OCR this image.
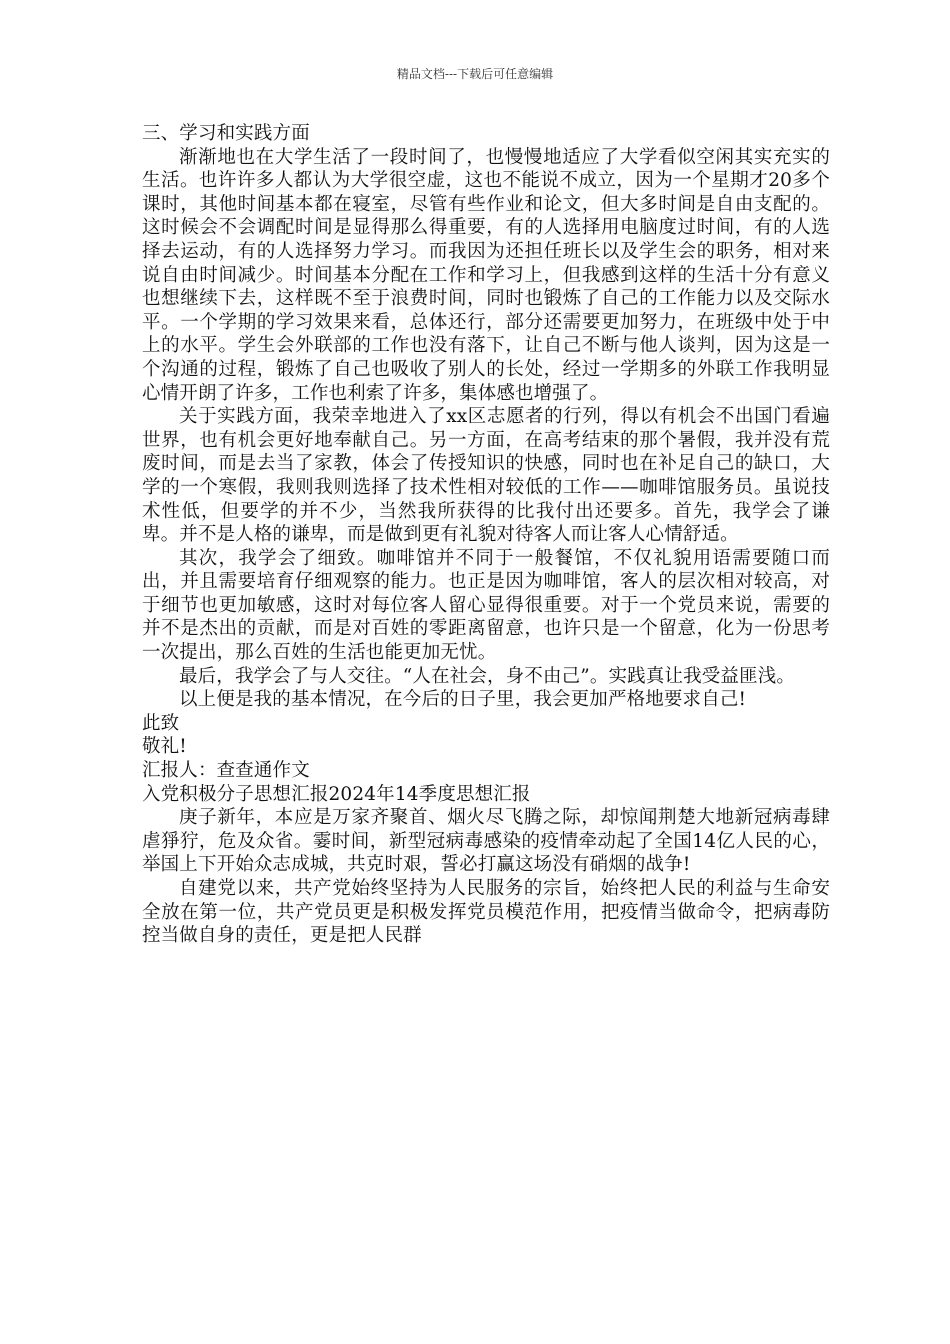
精品文档---下载后可任意编辑

三、学习和实践方面

渐渐地也在大学生活了一段时间了，也慢慢地适应了大学看似空闲其实充实的生活。也许许多人都认为大学很空虚，这也不能说不成立，因为一个星期才20多个课时，其他时间基本都在寝室，尽管有些作业和论文，但大多时间是自由支配的。这时候会不会调配时间是显得那么得重要，有的人选择用电脑度过时间，有的人选择去运动，有的人选择努力学习。而我因为还担任班长以及学生会的职务，相对来说自由时间减少。时间基本分配在工作和学习上，但我感到这样的生活十分有意义也想继续下去，这样既不至于浪费时间，同时也锻炼了自己的工作能力以及交际水平。一个学期的学习效果来看，总体还行，部分还需要更加努力，在班级中处于中上的水平。学生会外联部的工作也没有落下，让自己不断与他人谈判，因为这是一个沟通的过程，锻炼了自己也吸收了别人的长处，经过一学期多的外联工作我明显心情开朗了许多，工作也利索了许多，集体感也增强了。

关于实践方面，我荣幸地进入了xx区志愿者的行列，得以有机会不出国门看遍世界，也有机会更好地奉献自己。另一方面，在高考结束的那个暑假，我并没有荒废时间，而是去当了家教，体会了传授知识的快感，同时也在补足自己的缺口，大学的一个寒假，我则我则选择了技术性相对较低的工作——咖啡馆服务员。虽说技术性低，但要学的并不少，当然我所获得的比我付出还要多。首先，我学会了谦卑。并不是人格的谦卑，而是做到更有礼貌对待客人而让客人心情舒适。

其次，我学会了细致。咖啡馆并不同于一般餐馆，不仅礼貌用语需要随口而出，并且需要培育仔细观察的能力。也正是因为咖啡馆，客人的层次相对较高，对于细节也更加敏感，这时对每位客人留心显得很重要。对于一个党员来说，需要的并不是杰出的贡献，而是对百姓的零距离留意，也许只是一个留意，化为一份思考一次提出，那么百姓的生活也能更加无忧。

最后，我学会了与人交往。“人在社会，身不由己”。实践真让我受益匪浅。

以上便是我的基本情况，在今后的日子里，我会更加严格地要求自己!

此致

敬礼!

汇报人：查查通作文

入党积极分子思想汇报2024年14季度思想汇报

庚子新年，本应是万家齐聚首、烟火尽飞腾之际，却惊闻荆楚大地新冠病毒肆虐猙狞，危及众省。霎时间，新型冠病毒感染的疫情牵动起了全国14亿人民的心，举国上下开始众志成城，共克时艰，誓必打赢这场没有硝烟的战争!

自建党以来，共产党始终坚持为人民服务的宗旨，始终把人民的利益与生命安全放在第一位，共产党员更是积极发挥党员模范作用，把疫情当做命令，把病毒防控当做自身的责任，更是把人民群
